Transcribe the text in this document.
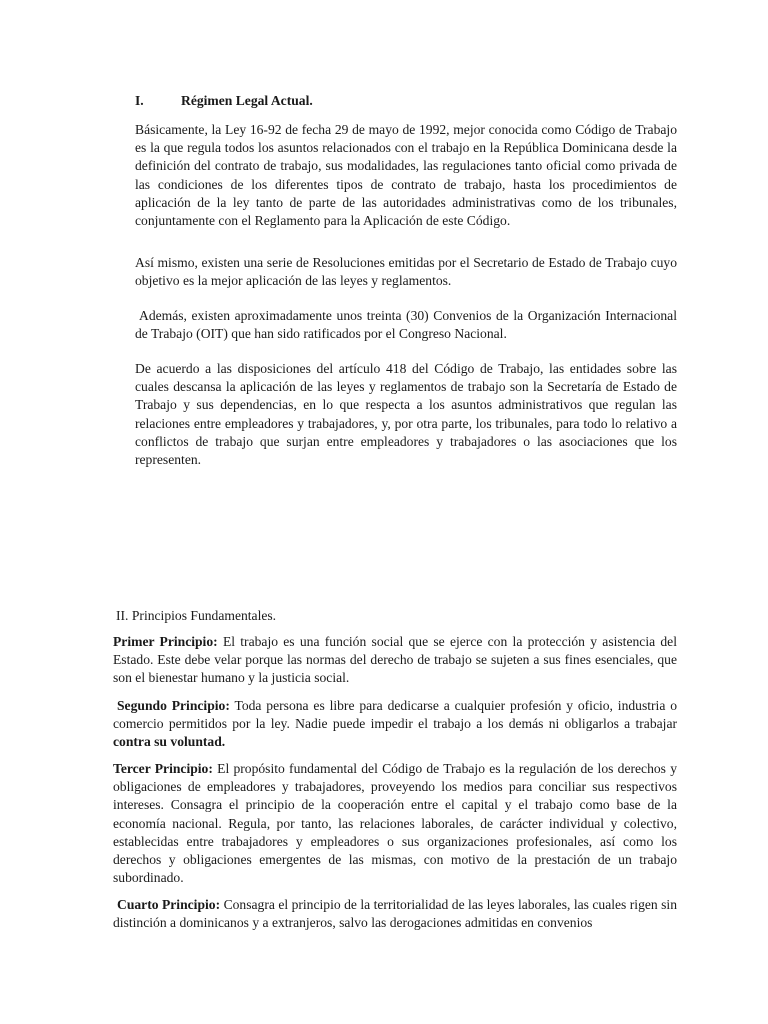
I.	Régimen Legal Actual.

Básicamente, la Ley 16-92 de fecha 29 de mayo de 1992, mejor conocida como Código de Trabajo es la que regula todos los asuntos relacionados con el trabajo en la República Dominicana desde la definición del contrato de trabajo, sus modalidades, las regulaciones tanto oficial como privada de las condiciones de los diferentes tipos de contrato de trabajo, hasta los procedimientos de aplicación de la ley tanto de parte de las autoridades administrativas como de los tribunales, conjuntamente con el Reglamento para la Aplicación de este Código.

Así mismo, existen una serie de Resoluciones emitidas por el Secretario de Estado de Trabajo cuyo objetivo es la mejor aplicación de las leyes y reglamentos.

Además, existen aproximadamente unos treinta (30) Convenios de la Organización Internacional de Trabajo (OIT) que han sido ratificados por el Congreso Nacional.

De acuerdo a las disposiciones del artículo 418 del Código de Trabajo, las entidades sobre las cuales descansa la aplicación de las leyes y reglamentos de trabajo son la Secretaría de Estado de Trabajo y sus dependencias, en lo que respecta a los asuntos administrativos que regulan las relaciones entre empleadores y trabajadores, y, por otra parte, los tribunales, para todo lo relativo a conflictos de trabajo que surjan entre empleadores y trabajadores o las asociaciones que los representen.

II. Principios Fundamentales.

Primer Principio: El trabajo es una función social que se ejerce con la protección y asistencia del Estado. Este debe velar porque las normas del derecho de trabajo se sujeten a sus fines esenciales, que son el bienestar humano y la justicia social.

Segundo Principio: Toda persona es libre para dedicarse a cualquier profesión y oficio, industria o comercio permitidos por la ley. Nadie puede impedir el trabajo a los demás ni obligarlos a trabajar contra su voluntad.

Tercer Principio: El propósito fundamental del Código de Trabajo es la regulación de los derechos y obligaciones de empleadores y trabajadores, proveyendo los medios para conciliar sus respectivos intereses. Consagra el principio de la cooperación entre el capital y el trabajo como base de la economía nacional. Regula, por tanto, las relaciones laborales, de carácter individual y colectivo, establecidas entre trabajadores y empleadores o sus organizaciones profesionales, así como los derechos y obligaciones emergentes de las mismas, con motivo de la prestación de un trabajo subordinado.

Cuarto Principio: Consagra el principio de la territorialidad de las leyes laborales, las cuales rigen sin distinción a dominicanos y a extranjeros, salvo las derogaciones admitidas en convenios
